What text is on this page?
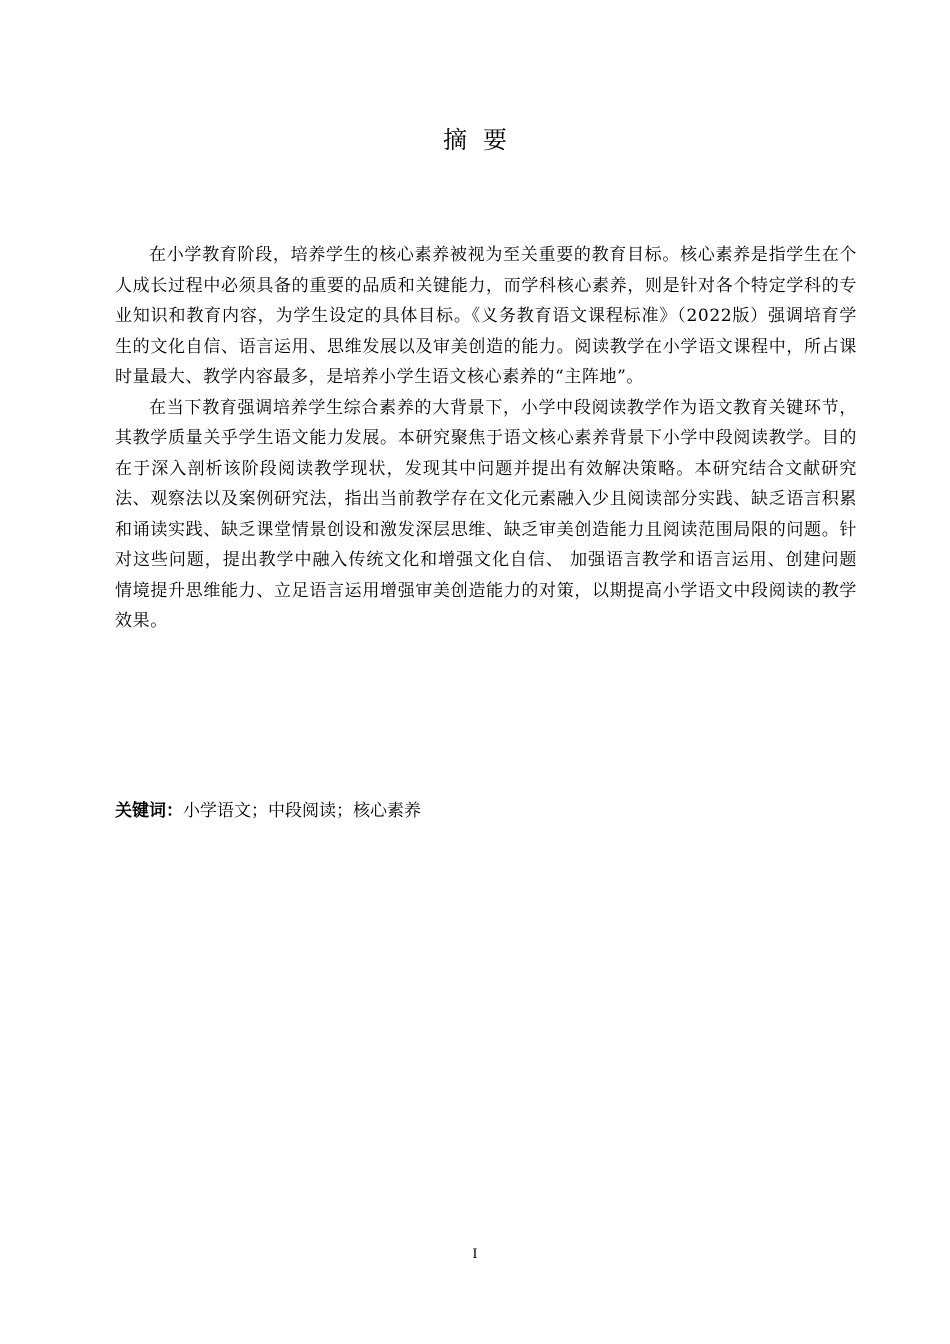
摘要

在小学教育阶段，培养学生的核心素养被视为至关重要的教育目标。核心素养是指学生在个人成长过程中必须具备的重要的品质和关键能力，而学科核心素养，则是针对各个特定学科的专业知识和教育内容，为学生设定的具体目标。《义务教育语文课程标准》（2022版）强调培育学生的文化自信、语言运用、思维发展以及审美创造的能力。阅读教学在小学语文课程中，所占课时量最大、教学内容最多，是培养小学生语文核心素养的“主阵地”。

在当下教育强调培养学生综合素养的大背景下，小学中段阅读教学作为语文教育关键环节，其教学质量关乎学生语文能力发展。本研究聚焦于语文核心素养背景下小学中段阅读教学。目的在于深入剖析该阶段阅读教学现状，发现其中问题并提出有效解决策略。本研究结合文献研究法、观察法以及案例研究法，指出当前教学存在文化元素融入少且阅读部分实践、缺乏语言积累和诵读实践、缺乏课堂情景创设和激发深层思维、缺乏审美创造能力且阅读范围局限的问题。针对这些问题，提出教学中融入传统文化和增强文化自信、 加强语言教学和语言运用、创建问题情境提升思维能力、立足语言运用增强审美创造能力的对策，以期提高小学语文中段阅读的教学效果。

关键词：小学语文；中段阅读；核心素养
I
